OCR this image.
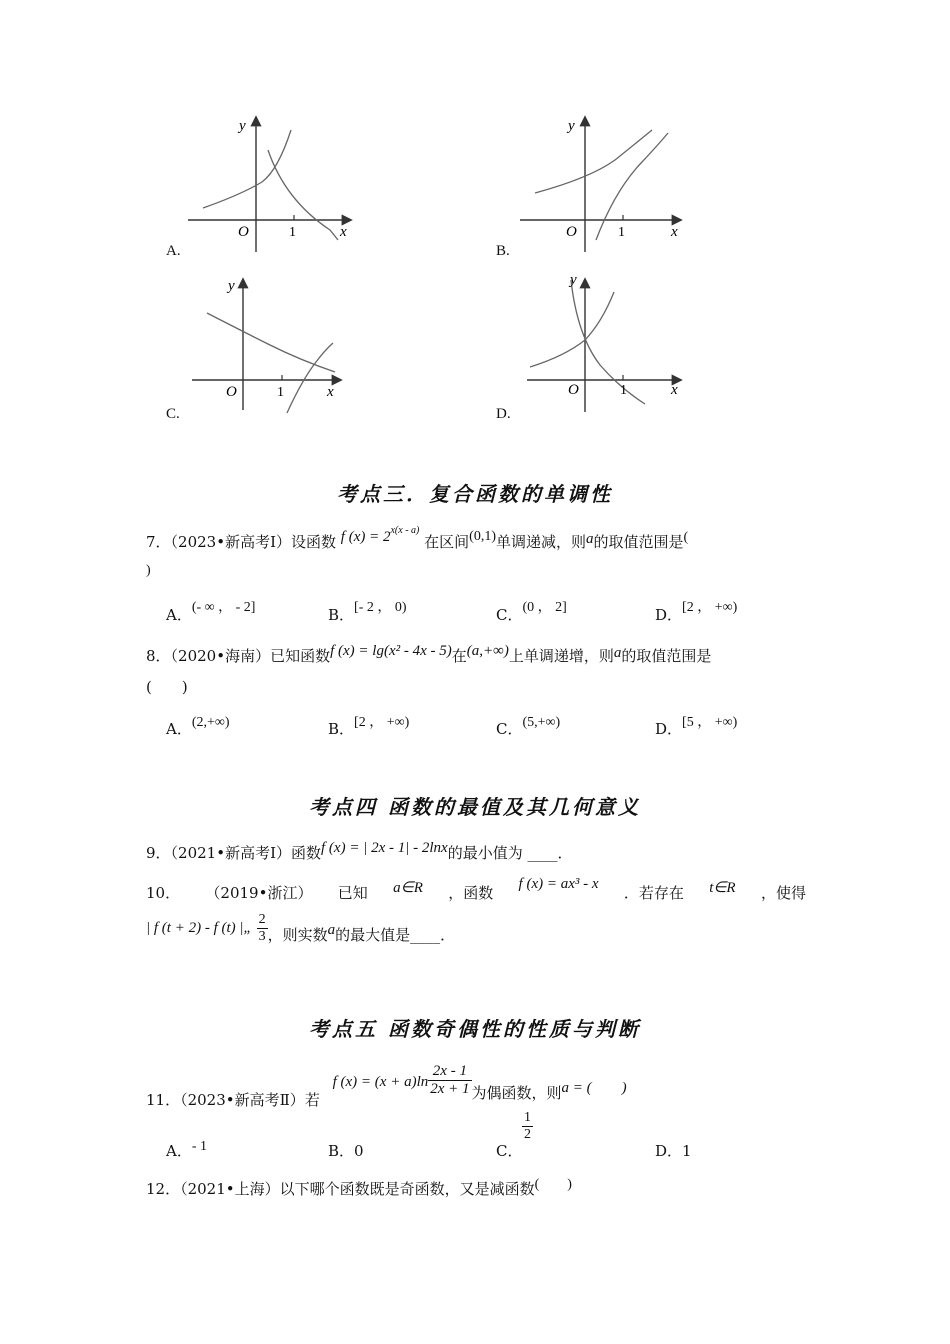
y
x
O	1
y
x
O	1
y
x
O	1
y
x
O	1
A.	B.
C.	D.
考点三．复合函数的单调性
7．（2023•新高考Ⅰ）设函数 f $(x) = 2^{x(x - a)}$ 在区间(0,1)单调递减，则a的取值范围是(
)
A．(- ∞ ， - 2]	B．[- 2 ， 0)	C．(0 ， 2]	D．[2 ， +∞)
8．（2020•海南）已知函数f (x) = lg(x² - 4x - 5)在(a,+∞)上单调递增，则a的取值范围是
(　　)
A．(2,+∞)	B．[2 ， +∞)	C．(5,+∞)	D．[5 ， +∞)
考点四 函数的最值及其几何意义
9．（2021•新高考Ⅰ）函数f (x) = | 2x - 1| - 2lnx的最小值为 ____．
10． （2019•浙江） 已知 a∈R ，函数 f (x) = ax³ - x ．若存在 t∈R ，使得
| f (t + 2) - f (t) |„ $\frac{2}{3}$ ，则实数a的最大值是____．
考点五 函数奇偶性的性质与判断
11．（2023•新高考Ⅱ）若 f $(x) = (x + a)\ln \frac{2x - 1}{2x + 1}$ 为偶函数，则a = (　　)
A．- 1	B．0	C．
$\frac{1}{2}$
D．1
12．（2021•上海）以下哪个函数既是奇函数，又是减函数(　　)
